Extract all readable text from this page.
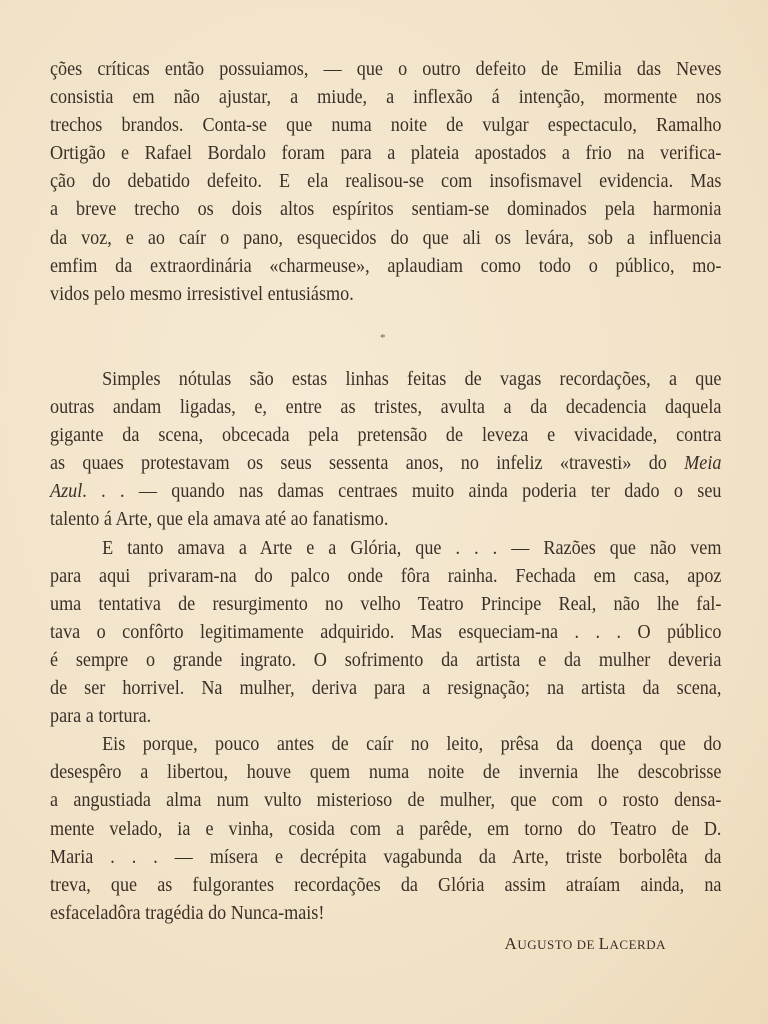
ções críticas então possuiamos, — que o outro defeito de Emilia das Neves
consistia em não ajustar, a miude, a inflexão á intenção, mormente nos
trechos brandos. Conta-se que numa noite de vulgar espectaculo, Ramalho
Ortigão e Rafael Bordalo foram para a plateia apostados a frio na verifica-
ção do debatido defeito. E ela realisou-se com insofismavel evidencia. Mas
a breve trecho os dois altos espíritos sentiam-se dominados pela harmonia
da voz, e ao caír o pano, esquecidos do que ali os levára, sob a influencia
emfim da extraordinária «charmeuse», aplaudiam como todo o público, mo-
vidos pelo mesmo irresistivel entusiásmo.
*
Simples nótulas são estas linhas feitas de vagas recordações, a que
outras andam ligadas, e, entre as tristes, avulta a da decadencia daquela
gigante da scena, obcecada pela pretensão de leveza e vivacidade, contra
as quaes protestavam os seus sessenta anos, no infeliz «travesti» do Meia
Azul. . . — quando nas damas centraes muito ainda poderia ter dado o seu
talento á Arte, que ela amava até ao fanatismo.
E tanto amava a Arte e a Glória, que . . . — Razões que não vem
para aqui privaram-na do palco onde fôra rainha. Fechada em casa, apoz
uma tentativa de resurgimento no velho Teatro Principe Real, não lhe fal-
tava o confôrto legitimamente adquirido. Mas esqueciam-na . . . O público
é sempre o grande ingrato. O sofrimento da artista e da mulher deveria
de ser horrivel. Na mulher, deriva para a resignação; na artista da scena,
para a tortura.
Eis porque, pouco antes de caír no leito, prêsa da doença que do
desespêro a libertou, houve quem numa noite de invernia lhe descobrisse
a angustiada alma num vulto misterioso de mulher, que com o rosto densa-
mente velado, ia e vinha, cosida com a parêde, em torno do Teatro de D.
Maria . . . — mísera e decrépita vagabunda da Arte, triste borbolêta da
treva, que as fulgorantes recordações da Glória assim atraíam ainda, na
esfaceladôra tragédia do Nunca-mais!
AUGUSTO DE LACERDA
